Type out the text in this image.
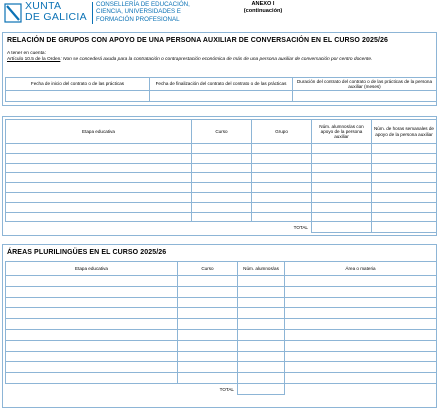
XUNTA
DE GALICIA
CONSELLERÍA DE EDUCACIÓN,
CIENCIA, UNIVERSIDADES E
FORMACIÓN PROFESIONAL
ANEXO I
(continuación)
RELACIÓN DE GRUPOS CON APOYO DE UNA PERSONA AUXILIAR DE CONVERSACIÓN EN EL CURSO 2025/26
A tener en cuenta:
Artículo 10.5 de la Orden: Non se concederá axuda para la contratación o contraprestación económica de más de una persona auxiliar de conversación por centro docente.
Fecha de inicio del contrato o de las prácticas	Fecha de finalización del contrato del contrato o de las prácticas	Duración del contrato del contrato o de las prácticas de la persona auxiliar (meses)

Etapa educativa	Curso	Grupo	Núm. alumnos/as con apoyo de la persona auxiliar	Núm. de horas semanales de apoyo de la persona auxiliar

TOTAL				
ÁREAS PLURILINGÜES EN EL CURSO 2025/26
Etapa educativa	Curso	Núm. alumnos/as	Área o materia

TOTAL			
